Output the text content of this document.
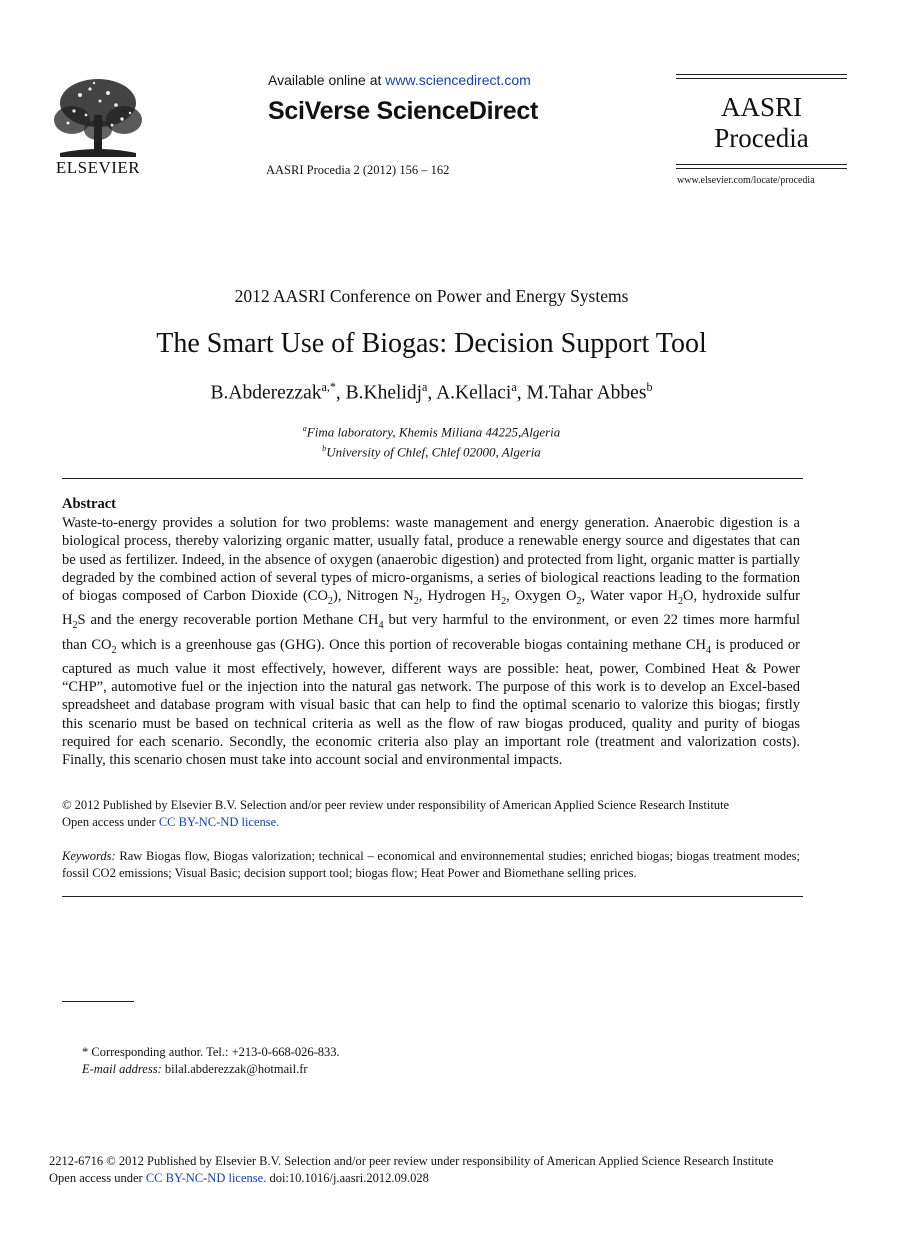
ELSEVIER
Available online at www.sciencedirect.com
SciVerse ScienceDirect
AASRI Procedia 2 (2012) 156 – 162
AASRI
Procedia
www.elsevier.com/locate/procedia
2012 AASRI Conference on Power and Energy Systems
The Smart Use of Biogas: Decision Support Tool
B.Abderezzak$^{a,*}$, B.Khelidj$^a$, A.Kellaci$^a$, M.Tahar Abbes$^b$
$^a$Fima laboratory, Khemis Miliana 44225,Algeria
$^b$University of Chlef, Chlef 02000, Algeria
Abstract
Waste-to-energy provides a solution for two problems: waste management and energy generation. Anaerobic digestion is a biological process, thereby valorizing organic matter, usually fatal, produce a renewable energy source and digestates that can be used as fertilizer. Indeed, in the absence of oxygen (anaerobic digestion) and protected from light, organic matter is partially degraded by the combined action of several types of micro-organisms, a series of biological reactions leading to the formation of biogas composed of Carbon Dioxide $(CO_2)$, Nitrogen $N_2$, Hydrogen $H_2$, Oxygen $O_2$, Water vapor $H_2O$, hydroxide sulfur $H_2S$ and the energy recoverable portion Methane $CH_4$ but very harmful to the environment, or even 22 times more harmful than $CO_2$ which is a greenhouse gas (GHG). Once this portion of recoverable biogas containing methane $CH_4$ is produced or captured as much value it most effectively, however, different ways are possible: heat, power, Combined Heat & Power “CHP”, automotive fuel or the injection into the natural gas network. The purpose of this work is to develop an Excel-based spreadsheet and database program with visual basic that can help to find the optimal scenario to valorize this biogas; firstly this scenario must be based on technical criteria as well as the flow of raw biogas produced, quality and purity of biogas required for each scenario. Secondly, the economic criteria also play an important role (treatment and valorization costs). Finally, this scenario chosen must take into account social and environmental impacts.
© 2012 Published by Elsevier B.V. Selection and/or peer review under responsibility of American Applied Science Research Institute
Open access under CC BY-NC-ND license.
Keywords: Raw Biogas flow, Biogas valorization; technical – economical and environnemental studies; enriched biogas; biogas treatment modes; fossil CO2 emissions; Visual Basic; decision support tool; biogas flow; Heat Power and Biomethane selling prices.
* Corresponding author. Tel.: +213-0-668-026-833.
E-mail address: bilal.abderezzak@hotmail.fr
2212-6716 © 2012 Published by Elsevier B.V. Selection and/or peer review under responsibility of American Applied Science Research Institute
Open access under CC BY-NC-ND license. doi:10.1016/j.aasri.2012.09.028
